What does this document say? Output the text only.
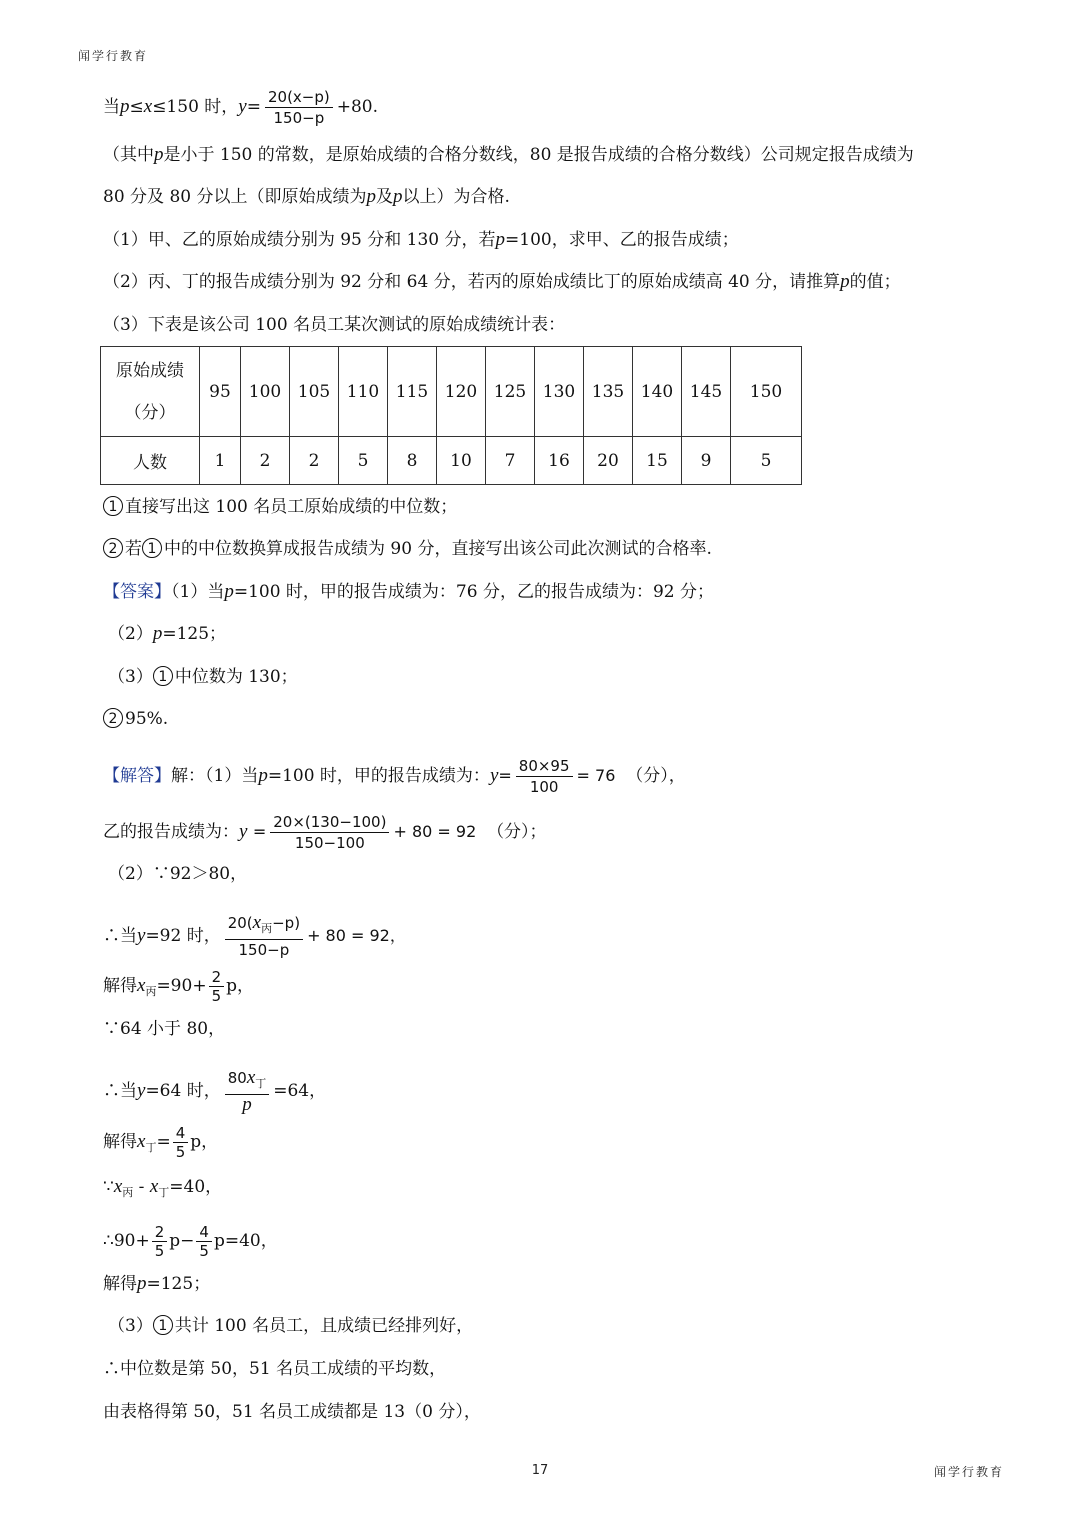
闻学行教育
当p≤x≤150 时，$y= \frac{20(x-p)}{150-p} +80$.
（其中p是小于 150 的常数，是原始成绩的合格分数线，80 是报告成绩的合格分数线）公司规定报告成绩为
80 分及 80 分以上（即原始成绩为p及p以上）为合格.
（1）甲、乙的原始成绩分别为 95 分和 130 分，若p=100，求甲、乙的报告成绩；
（2）丙、丁的报告成绩分别为 92 分和 64 分，若丙的原始成绩比丁的原始成绩高 40 分，请推算p的值；
（3）下表是该公司 100 名员工某次测试的原始成绩统计表：
原始成绩
（分）	95	100	105	110	115	120	125	130	135	140	145	150
人数	1	2	2	5	8	10	7	16	20	15	9	5
1 直接写出这 100 名员工原始成绩的中位数；
2 若 1 中的中位数换算成报告成绩为 90 分，直接写出该公司此次测试的合格率.
【答案】（1）当p=100 时，甲的报告成绩为：76 分，乙的报告成绩为：92 分；
（2）p=125；
（3） 1 中位数为 130；
2 95%.
【解答】解：（1）当p=100 时，甲的报告成绩为：$y= \frac{80\times 95}{100} = 76$ （分），
乙的报告成绩为：$y = \frac{20\times(130-100)}{150-100} + 80 = 92$ （分）；
（2）∵92＞80，
∴当y=92 时， $\frac{20(x_丙-p)}{150-p} + 80 = 92$，
解得$x_丙=90+ \frac{2}{5}$ p，
∵64 小于 80，
∴当y=64 时， $\frac{80x_丁}{p} =64$，
解得$x_丁= \frac{4}{5}$ p，
$\because x_丙 - x_丁=40$，
∴90+ $\frac{2}{5} p- \frac{4}{5} p=40$，
解得p=125；
（3） 1 共计 100 名员工，且成绩已经排列好，
∴中位数是第 50，51 名员工成绩的平均数，
由表格得第 50，51 名员工成绩都是 13（0 分），
17	闻学行教育
